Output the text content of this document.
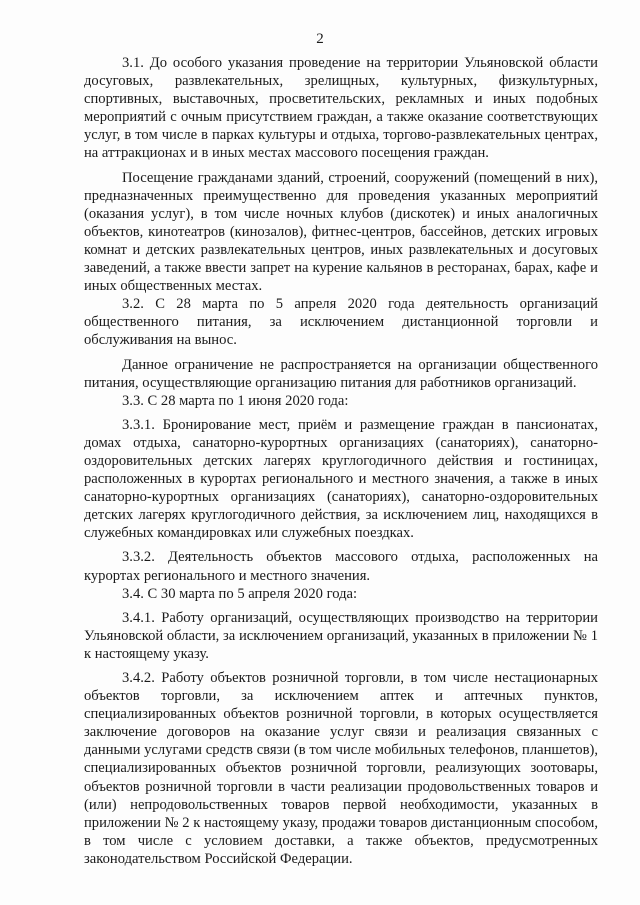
2

3.1. До особого указания проведение на территории Ульяновской области досуговых, развлекательных, зрелищных, культурных, физкультурных, спортивных, выставочных, просветительских, рекламных и иных подобных мероприятий с очным присутствием граждан, а также оказание соответствующих услуг, в том числе в парках культуры и отдыха, торгово-развлекательных центрах, на аттракционах и в иных местах массового посещения граждан.

Посещение гражданами зданий, строений, сооружений (помещений в них), предназначенных преимущественно для проведения указанных мероприятий (оказания услуг), в том числе ночных клубов (дискотек) и иных аналогичных объектов, кинотеатров (кинозалов), фитнес-центров, бассейнов, детских игровых комнат и детских развлекательных центров, иных развлекательных и досуговых заведений, а также ввести запрет на курение кальянов в ресторанах, барах, кафе и иных общественных местах.

3.2. С 28 марта по 5 апреля 2020 года деятельность организаций общественного питания, за исключением дистанционной торговли и обслуживания на вынос.

Данное ограничение не распространяется на организации общественного питания, осуществляющие организацию питания для работников организаций.

3.3. С 28 марта по 1 июня 2020 года:

3.3.1. Бронирование мест, приём и размещение граждан в пансионатах, домах отдыха, санаторно-курортных организациях (санаториях), санаторно-оздоровительных детских лагерях круглогодичного действия и гостиницах, расположенных в курортах регионального и местного значения, а также в иных санаторно-курортных организациях (санаториях), санаторно-оздоровительных детских лагерях круглогодичного действия, за исключением лиц, находящихся в служебных командировках или служебных поездках.

3.3.2. Деятельность объектов массового отдыха, расположенных на курортах регионального и местного значения.

3.4. С 30 марта по 5 апреля 2020 года:

3.4.1. Работу организаций, осуществляющих производство на территории Ульяновской области, за исключением организаций, указанных в приложении № 1 к настоящему указу.

3.4.2. Работу объектов розничной торговли, в том числе нестационарных объектов торговли, за исключением аптек и аптечных пунктов, специализированных объектов розничной торговли, в которых осуществляется заключение договоров на оказание услуг связи и реализация связанных с данными услугами средств связи (в том числе мобильных телефонов, планшетов), специализированных объектов розничной торговли, реализующих зоотовары, объектов розничной торговли в части реализации продовольственных товаров и (или) непродовольственных товаров первой необходимости, указанных в приложении № 2 к настоящему указу, продажи товаров дистанционным способом, в том числе с условием доставки, а также объектов, предусмотренных законодательством Российской Федерации.
